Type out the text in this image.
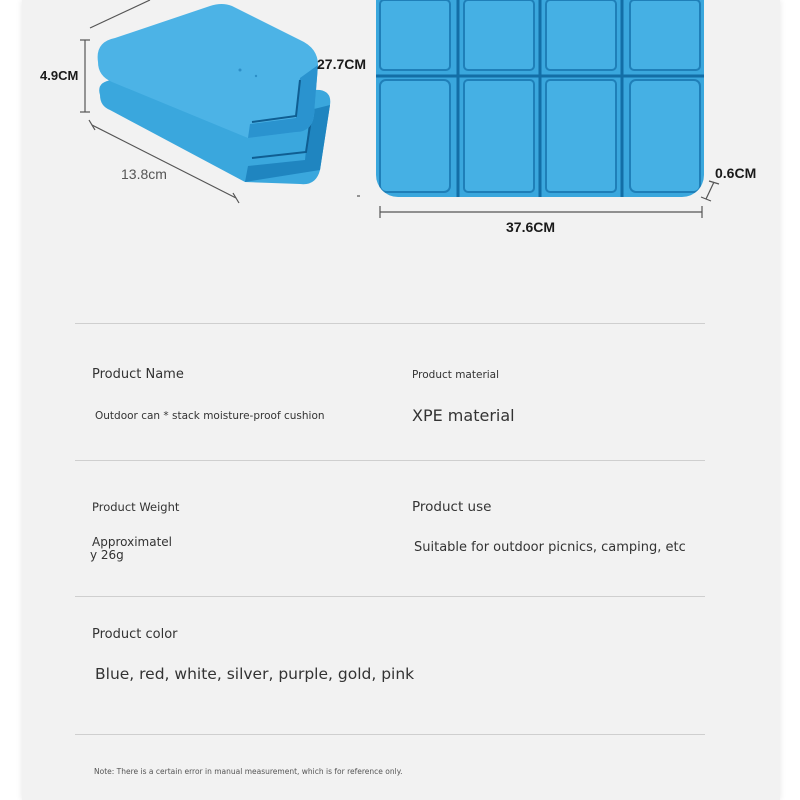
4.9CM
13.8cm
27.7CM
37.6CM
0.6CM
Product Name
Outdoor can * stack moisture-proof cushion
Product material
XPE material
Product Weight
Approximatel
y 26g
Product use
Suitable for outdoor picnics, camping, etc
Product color
Blue, red, white, silver, purple, gold, pink
Note: There is a certain error in manual measurement, which is for reference only.
